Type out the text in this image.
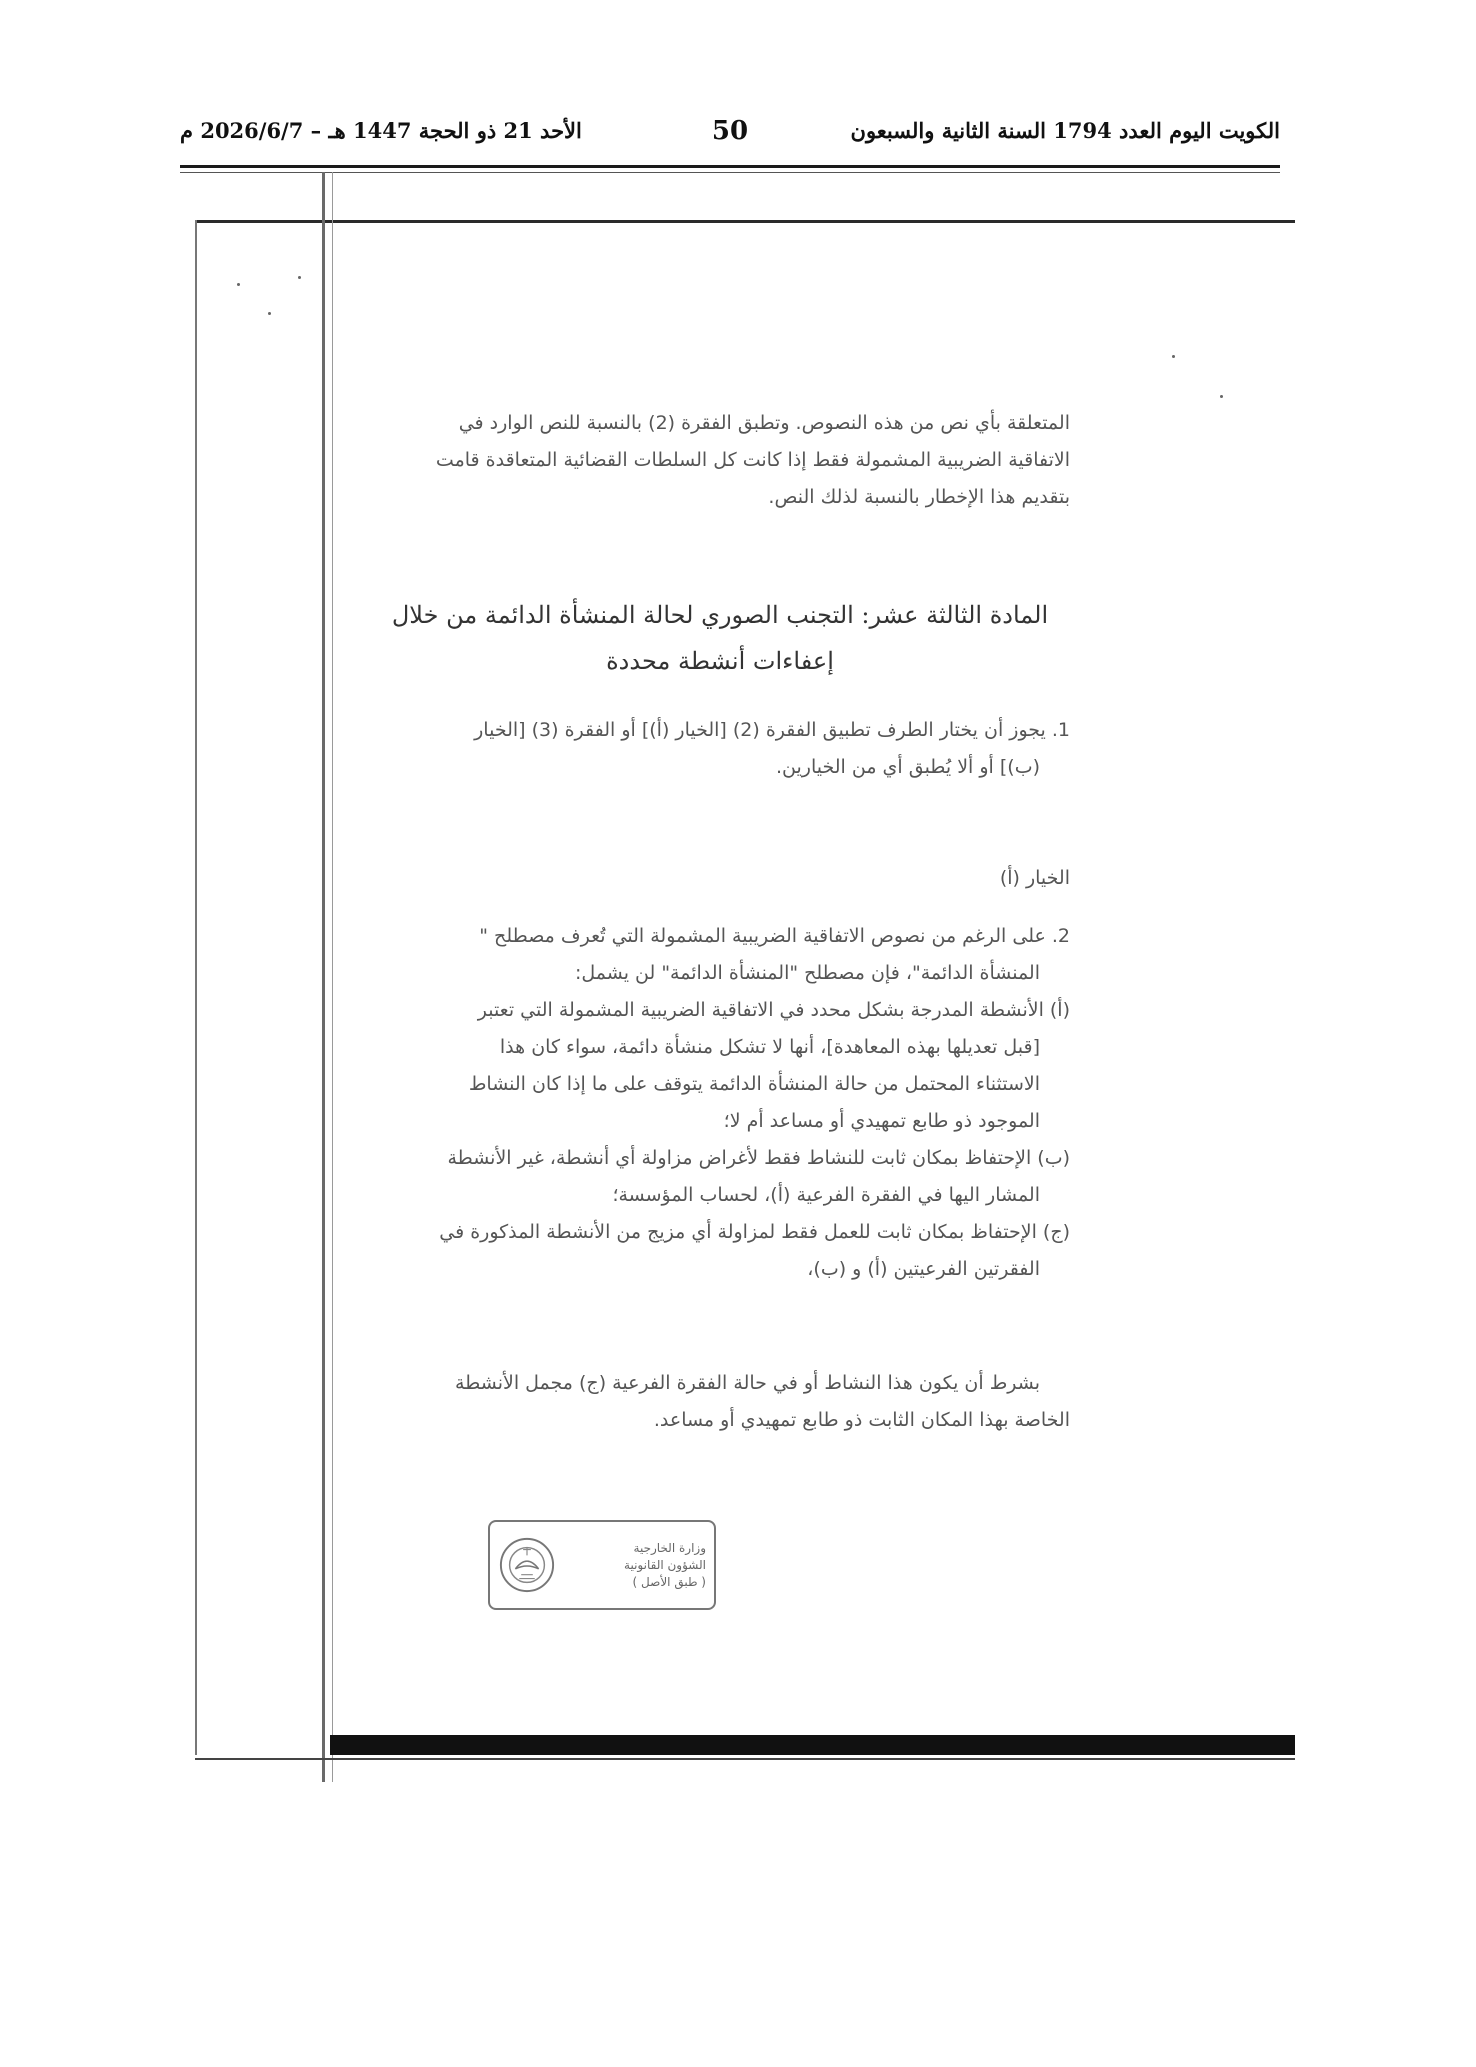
الكويت اليوم العدد 1794 السنة الثانية والسبعون
50
الأحد 21 ذو الحجة 1447 هـ – 2026/6/7 م

المتعلقة بأي نص من هذه النصوص. وتطبق الفقرة (2) بالنسبة للنص الوارد في

الاتفاقية الضريبية المشمولة فقط إذا كانت كل السلطات القضائية المتعاقدة قامت

بتقديم هذا الإخطار بالنسبة لذلك النص.

المادة الثالثة عشر: التجنب الصوري لحالة المنشأة الدائمة من خلال

إعفاءات أنشطة محددة

1. يجوز أن يختار الطرف تطبيق الفقرة (2) [الخيار (أ)] أو الفقرة (3) [الخيار

(ب)] أو ألا يُطبق أي من الخيارين.

الخيار (أ)

2. على الرغم من نصوص الاتفاقية الضريبية المشمولة التي تُعرف مصطلح "

المنشأة الدائمة"، فإن مصطلح "المنشأة الدائمة" لن يشمل:

(أ) الأنشطة المدرجة بشكل محدد في الاتفاقية الضريبية المشمولة التي تعتبر

[قبل تعديلها بهذه المعاهدة]، أنها لا تشكل منشأة دائمة، سواء كان هذا

الاستثناء المحتمل من حالة المنشأة الدائمة يتوقف على ما إذا كان النشاط

الموجود ذو طابع تمهيدي أو مساعد أم لا؛

(ب) الإحتفاظ بمكان ثابت للنشاط فقط لأغراض مزاولة أي أنشطة، غير الأنشطة

المشار اليها في الفقرة الفرعية (أ)، لحساب المؤسسة؛

(ج) الإحتفاظ بمكان ثابت للعمل فقط لمزاولة أي مزيج من الأنشطة المذكورة في

الفقرتين الفرعيتين (أ) و (ب)،

بشرط أن يكون هذا النشاط أو في حالة الفقرة الفرعية (ج) مجمل الأنشطة

الخاصة بهذا المكان الثابت ذو طابع تمهيدي أو مساعد.

وزارة الخارجية
الشؤون القانونية
( طبق الأصل )
